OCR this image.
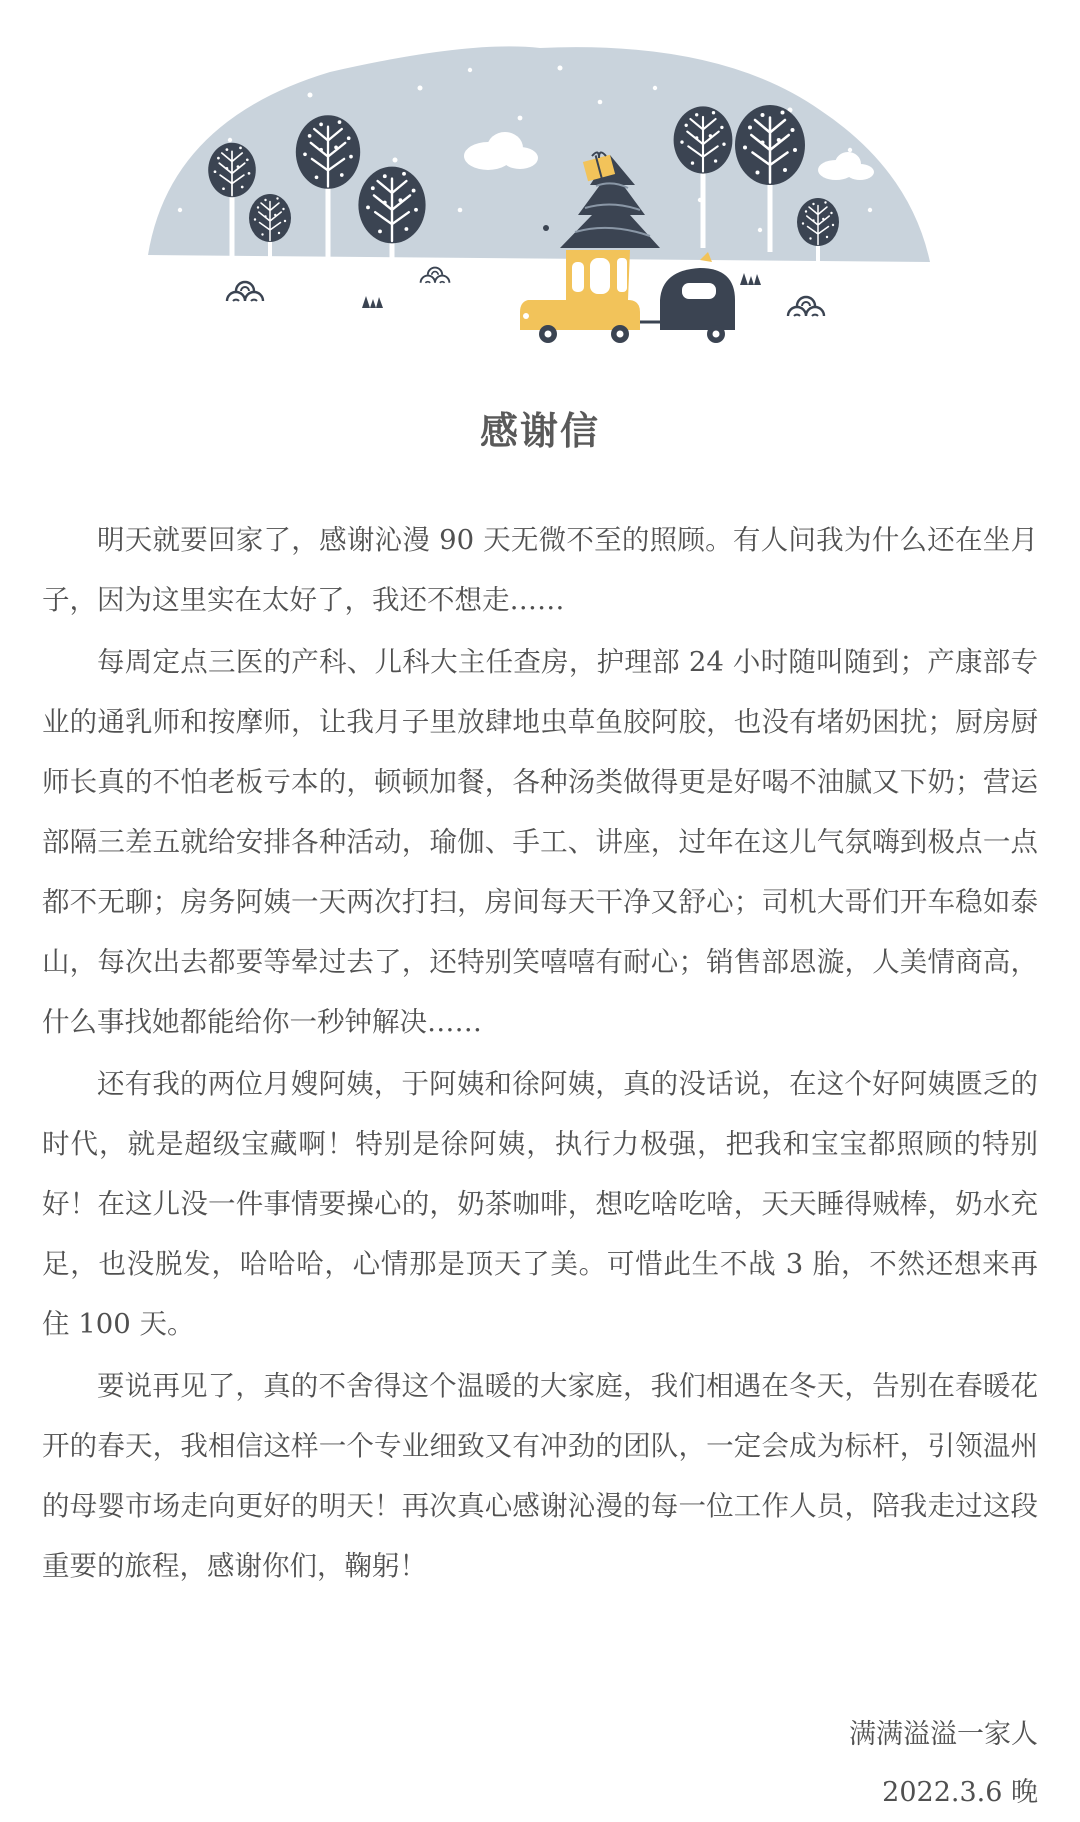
感谢信

明天就要回家了，感谢沁漫 90 天无微不至的照顾。有人问我为什么还在坐月子，因为这里实在太好了，我还不想走……

每周定点三医的产科、儿科大主任查房，护理部 24 小时随叫随到；产康部专业的通乳师和按摩师，让我月子里放肆地虫草鱼胶阿胶，也没有堵奶困扰；厨房厨师长真的不怕老板亏本的，顿顿加餐，各种汤类做得更是好喝不油腻又下奶；营运部隔三差五就给安排各种活动，瑜伽、手工、讲座，过年在这儿气氛嗨到极点一点都不无聊；房务阿姨一天两次打扫，房间每天干净又舒心；司机大哥们开车稳如泰山，每次出去都要等晕过去了，还特别笑嘻嘻有耐心；销售部恩漩，人美情商高，什么事找她都能给你一秒钟解决……

还有我的两位月嫂阿姨，于阿姨和徐阿姨，真的没话说，在这个好阿姨匮乏的时代，就是超级宝藏啊！特别是徐阿姨，执行力极强，把我和宝宝都照顾的特别好！在这儿没一件事情要操心的，奶茶咖啡，想吃啥吃啥，天天睡得贼棒，奶水充足，也没脱发，哈哈哈，心情那是顶天了美。可惜此生不战 3 胎，不然还想来再住 100 天。

要说再见了，真的不舍得这个温暖的大家庭，我们相遇在冬天，告别在春暖花开的春天，我相信这样一个专业细致又有冲劲的团队，一定会成为标杆，引领温州的母婴市场走向更好的明天！再次真心感谢沁漫的每一位工作人员，陪我走过这段重要的旅程，感谢你们，鞠躬！

满满溢溢一家人
2022.3.6 晚
